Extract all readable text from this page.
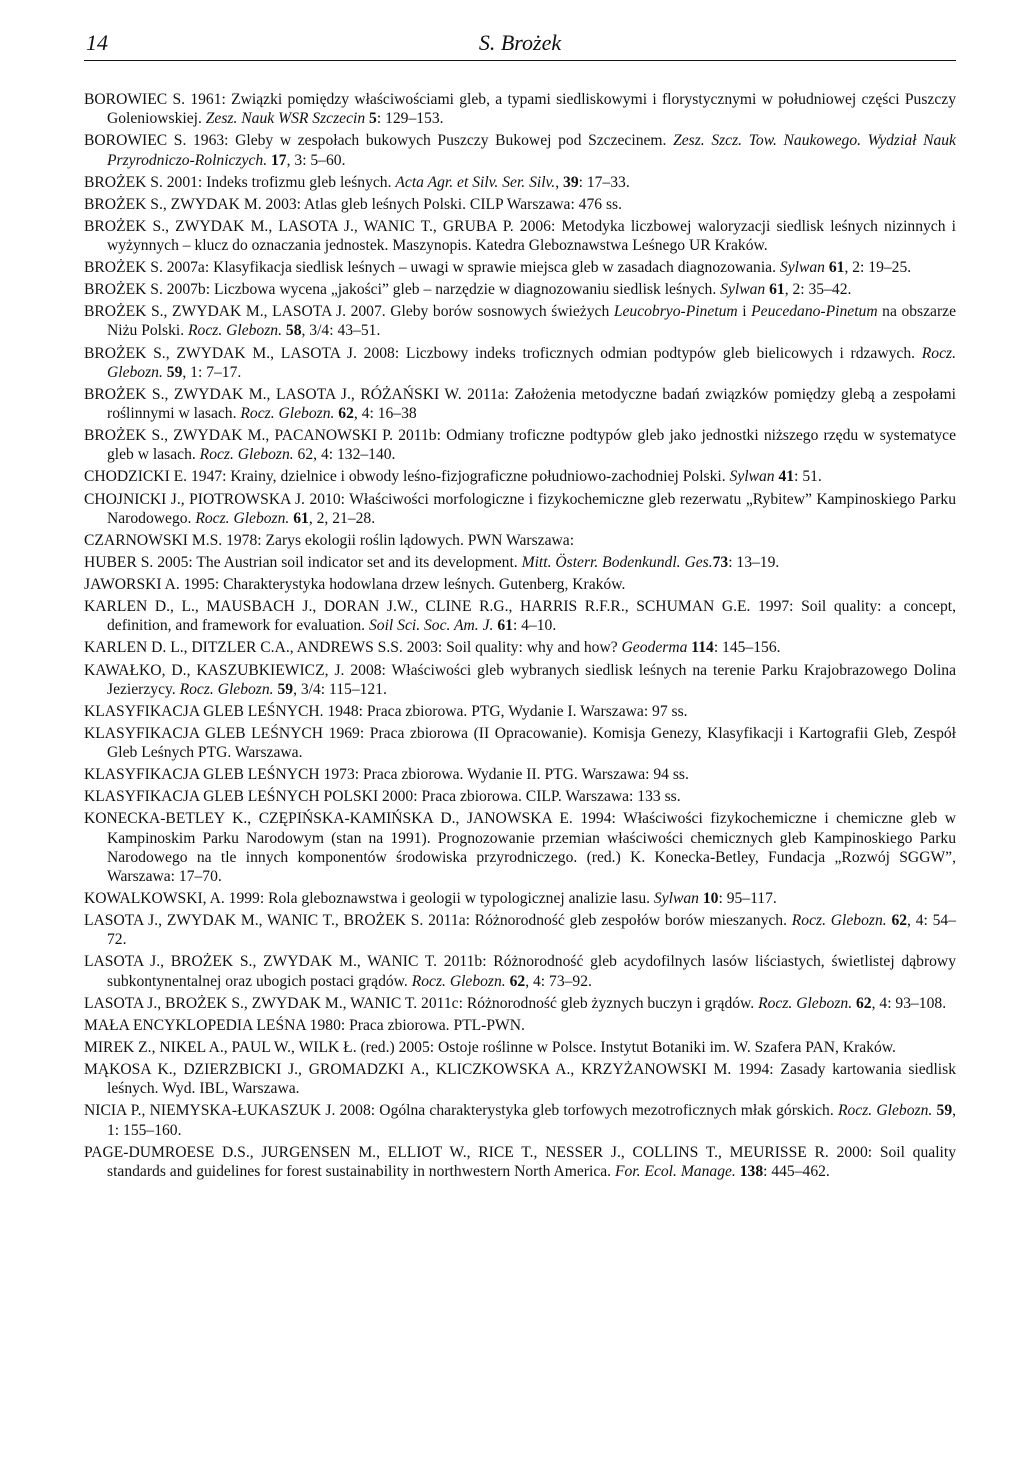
14	S. Brożek
BOROWIEC S. 1961: Związki pomiędzy właściwościami gleb, a typami siedliskowymi i florystycznymi w południowej części Puszczy Goleniowskiej. Zesz. Nauk WSR Szczecin 5: 129–153.
BOROWIEC S. 1963: Gleby w zespołach bukowych Puszczy Bukowej pod Szczecinem. Zesz. Szcz. Tow. Naukowego. Wydział Nauk Przyrodniczo-Rolniczych. 17, 3: 5–60.
BROŻEK S. 2001: Indeks trofizmu gleb leśnych. Acta Agr. et Silv. Ser. Silv., 39: 17–33.
BROŻEK S., ZWYDAK M. 2003: Atlas gleb leśnych Polski. CILP Warszawa: 476 ss.
BROŻEK S., ZWYDAK M., LASOTA J., WANIC T., GRUBA P. 2006: Metodyka liczbowej waloryzacji siedlisk leśnych nizinnych i wyżynnych – klucz do oznaczania jednostek. Maszynopis. Katedra Gleboznawstwa Leśnego UR Kraków.
BROŻEK S. 2007a: Klasyfikacja siedlisk leśnych – uwagi w sprawie miejsca gleb w zasadach diagnozowania. Sylwan 61, 2: 19–25.
BROŻEK S. 2007b: Liczbowa wycena „jakości” gleb – narzędzie w diagnozowaniu siedlisk leśnych. Sylwan 61, 2: 35–42.
BROŻEK S., ZWYDAK M., LASOTA J. 2007. Gleby borów sosnowych świeżych Leucobryo-Pinetum i Peucedano-Pinetum na obszarze Niżu Polski. Rocz. Glebozn. 58, 3/4: 43–51.
BROŻEK S., ZWYDAK M., LASOTA J. 2008: Liczbowy indeks troficznych odmian podtypów gleb bielicowych i rdzawych. Rocz. Glebozn. 59, 1: 7–17.
BROŻEK S., ZWYDAK M., LASOTA J., RÓŻAŃSKI W. 2011a: Założenia metodyczne badań związków pomiędzy glebą a zespołami roślinnymi w lasach. Rocz. Glebozn. 62, 4: 16–38
BROŻEK S., ZWYDAK M., PACANOWSKI P. 2011b: Odmiany troficzne podtypów gleb jako jednostki niższego rzędu w systematyce gleb w lasach. Rocz. Glebozn. 62, 4: 132–140.
CHODZICKI E. 1947: Krainy, dzielnice i obwody leśno-fizjograficzne południowo-zachodniej Polski. Sylwan 41: 51.
CHOJNICKI J., PIOTROWSKA J. 2010: Właściwości morfologiczne i fizykochemiczne gleb rezerwatu „Rybitew” Kampinoskiego Parku Narodowego. Rocz. Glebozn. 61, 2, 21–28.
CZARNOWSKI M.S. 1978: Zarys ekologii roślin lądowych. PWN Warszawa:
HUBER S. 2005: The Austrian soil indicator set and its development. Mitt. Österr. Bodenkundl. Ges.73: 13–19.
JAWORSKI A. 1995: Charakterystyka hodowlana drzew leśnych. Gutenberg, Kraków.
KARLEN D., L., MAUSBACH J., DORAN J.W., CLINE R.G., HARRIS R.F.R., SCHUMAN G.E. 1997: Soil quality: a concept, definition, and framework for evaluation. Soil Sci. Soc. Am. J. 61: 4–10.
KARLEN D. L., DITZLER C.A., ANDREWS S.S. 2003: Soil quality: why and how? Geoderma 114: 145–156.
KAWAŁKO, D., KASZUBKIEWICZ, J. 2008: Właściwości gleb wybranych siedlisk leśnych na terenie Parku Krajobrazowego Dolina Jezierzycy. Rocz. Glebozn. 59, 3/4: 115–121.
KLASYFIKACJA GLEB LEŚNYCH. 1948: Praca zbiorowa. PTG, Wydanie I. Warszawa: 97 ss.
KLASYFIKACJA GLEB LEŚNYCH 1969: Praca zbiorowa (II Opracowanie). Komisja Genezy, Klasyfikacji i Kartografii Gleb, Zespół Gleb Leśnych PTG. Warszawa.
KLASYFIKACJA GLEB LEŚNYCH 1973: Praca zbiorowa. Wydanie II. PTG. Warszawa: 94 ss.
KLASYFIKACJA GLEB LEŚNYCH POLSKI 2000: Praca zbiorowa. CILP. Warszawa: 133 ss.
KONECKA-BETLEY K., CZĘPIŃSKA-KAMIŃSKA D., JANOWSKA E. 1994: Właściwości fizykochemiczne i chemiczne gleb w Kampinoskim Parku Narodowym (stan na 1991). Prognozowanie przemian właściwości chemicznych gleb Kampinoskiego Parku Narodowego na tle innych komponentów środowiska przyrodniczego. (red.) K. Konecka-Betley, Fundacja „Rozwój SGGW”, Warszawa: 17–70.
KOWALKOWSKI, A. 1999: Rola gleboznawstwa i geologii w typologicznej analizie lasu. Sylwan 10: 95–117.
LASOTA J., ZWYDAK M., WANIC T., BROŻEK S. 2011a: Różnorodność gleb zespołów borów mieszanych. Rocz. Glebozn. 62, 4: 54–72.
LASOTA J., BROŻEK S., ZWYDAK M., WANIC T. 2011b: Różnorodność gleb acydofilnych lasów liściastych, świetlistej dąbrowy subkontynentalnej oraz ubogich postaci grądów. Rocz. Glebozn. 62, 4: 73–92.
LASOTA J., BROŻEK S., ZWYDAK M., WANIC T. 2011c: Różnorodność gleb żyznych buczyn i grądów. Rocz. Glebozn. 62, 4: 93–108.
MAŁA ENCYKLOPEDIA LEŚNA 1980: Praca zbiorowa. PTL-PWN.
MIREK Z., NIKEL A., PAUL W., WILK Ł. (red.) 2005: Ostoje roślinne w Polsce. Instytut Botaniki im. W. Szafera PAN, Kraków.
MĄKOSA K., DZIERZBICKI J., GROMADZKI A., KLICZKOWSKA A., KRZYŻANOWSKI M. 1994: Zasady kartowania siedlisk leśnych. Wyd. IBL, Warszawa.
NICIA P., NIEMYSKA-ŁUKASZUK J. 2008: Ogólna charakterystyka gleb torfowych mezotroficznych młak górskich. Rocz. Glebozn. 59, 1: 155–160.
PAGE-DUMROESE D.S., JURGENSEN M., ELLIOT W., RICE T., NESSER J., COLLINS T., MEURISSE R. 2000: Soil quality standards and guidelines for forest sustainability in northwestern North America. For. Ecol. Manage. 138: 445–462.
